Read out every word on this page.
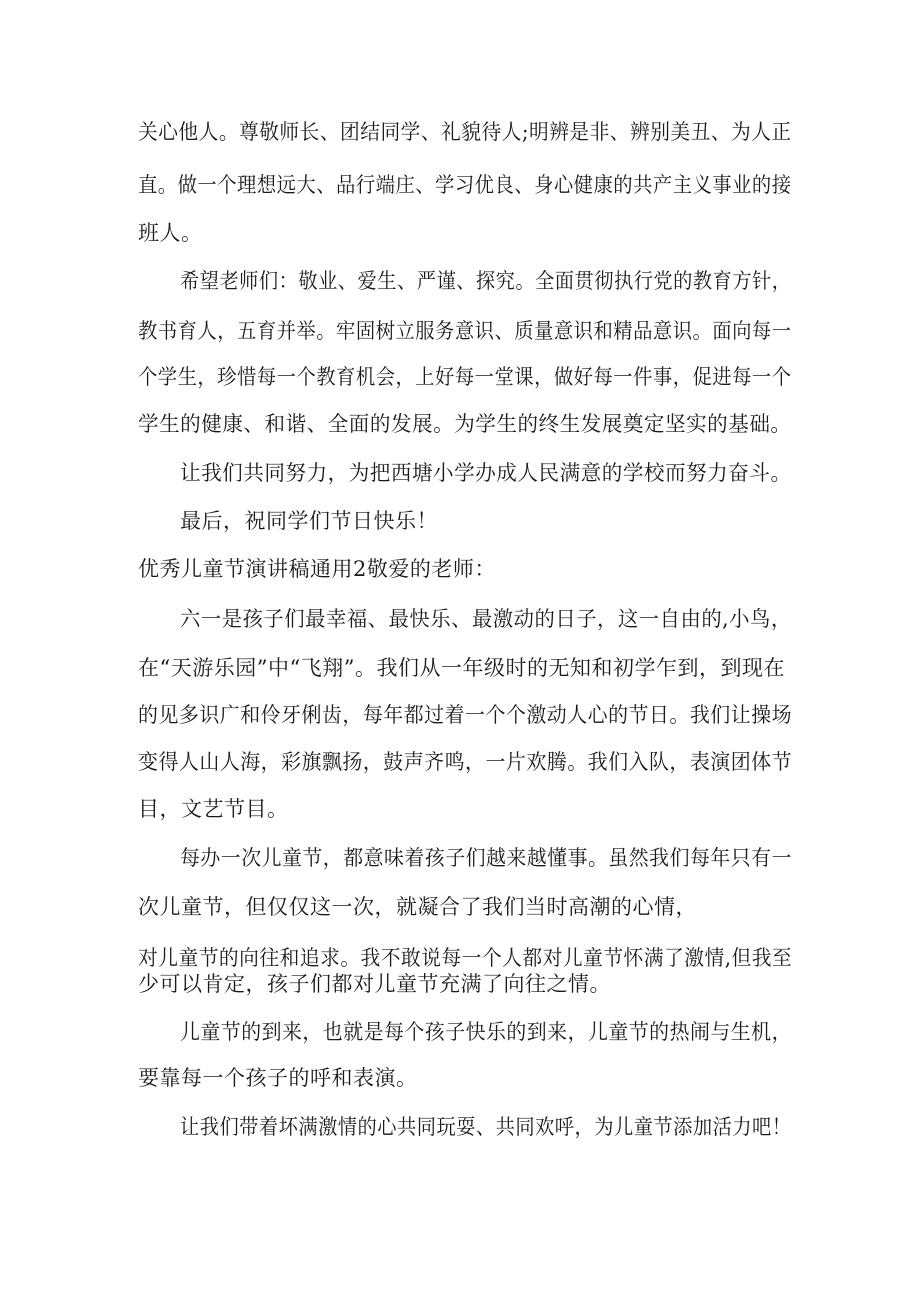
关心他人。尊敬师长、团结同学、礼貌待人;明辨是非、辨别美丑、为人正
直。做一个理想远大、品行端庄、学习优良、身心健康的共产主义事业的接
班人。
希望老师们：敬业、爱生、严谨、探究。全面贯彻执行党的教育方针，
教书育人，五育并举。牢固树立服务意识、质量意识和精品意识。面向每一
个学生，珍惜每一个教育机会，上好每一堂课，做好每一件事，促进每一个
学生的健康、和谐、全面的发展。为学生的终生发展奠定坚实的基础。
让我们共同努力，为把西塘小学办成人民满意的学校而努力奋斗。
最后，祝同学们节日快乐！
优秀儿童节演讲稿通用2敬爱的老师：
六一是孩子们最幸福、最快乐、最激动的日子，这一自由的,小鸟，
在“天游乐园”中“飞翔”。我们从一年级时的无知和初学乍到，到现在
的见多识广和伶牙俐齿，每年都过着一个个激动人心的节日。我们让操场
变得人山人海，彩旗飘扬，鼓声齐鸣，一片欢腾。我们入队，表演团体节
目，文艺节目。
每办一次儿童节，都意味着孩子们越来越懂事。虽然我们每年只有一
次儿童节，但仅仅这一次，就凝合了我们当时高潮的心情，
对儿童节的向往和追求。我不敢说每一个人都对儿童节怀满了激情,但我至
少可以肯定，孩子们都对儿童节充满了向往之情。
儿童节的到来，也就是每个孩子快乐的到来，儿童节的热闹与生机，
要靠每一个孩子的呼和表演。
让我们带着坏满激情的心共同玩耍、共同欢呼，为儿童节添加活力吧！
